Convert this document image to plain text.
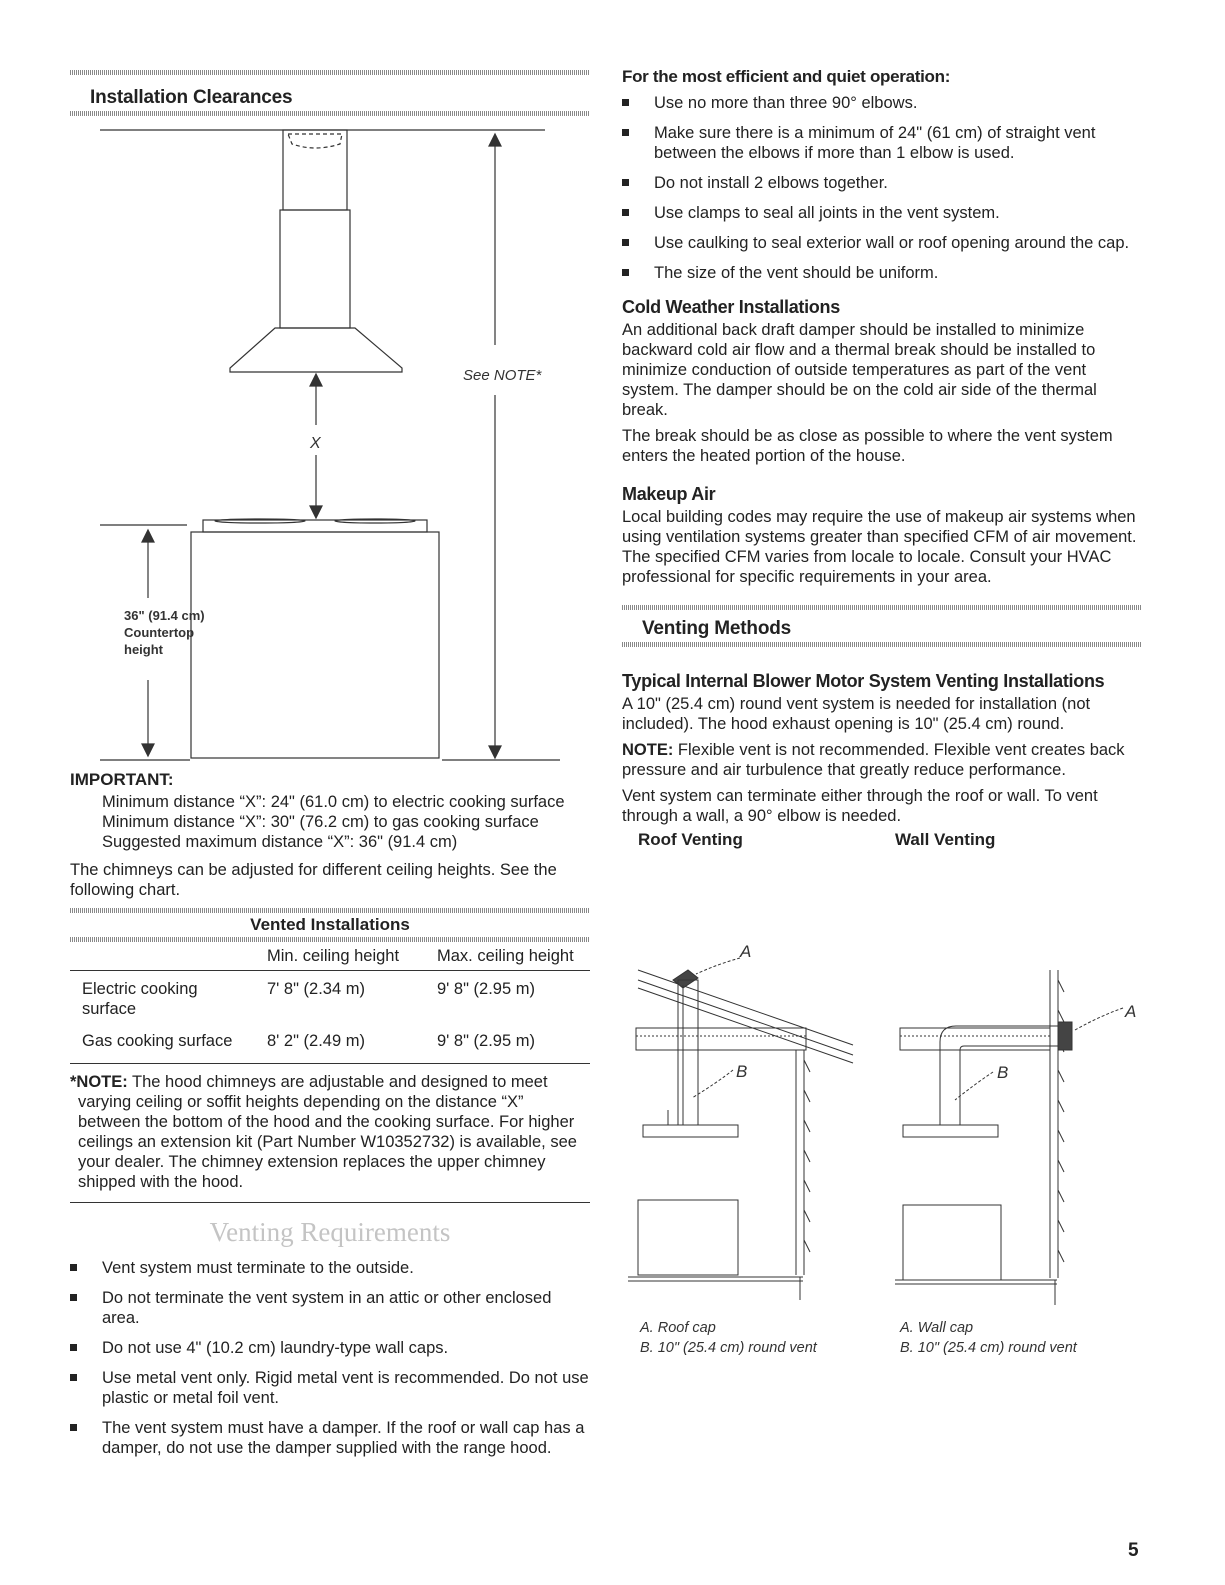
Installation Clearances
See NOTE*
X
36" (91.4 cm)
Countertop
height
IMPORTANT:

Minimum distance “X”: 24" (61.0 cm) to electric cooking surface

Minimum distance “X”: 30" (76.2 cm) to gas cooking surface

Suggested maximum distance “X”: 36" (91.4 cm)

The chimneys can be adjusted for different ceiling heights. See the following chart.

Vented Installations
	Min. ceiling height	Max. ceiling height

Electric cooking surface	7' 8" (2.34 m)	9' 8" (2.95 m)
Gas cooking surface	8' 2" (2.49 m)	9' 8" (2.95 m)

*NOTE: The hood chimneys are adjustable and designed to meet varying ceiling or soffit heights depending on the distance “X” between the bottom of the hood and the cooking surface. For higher ceilings an extension kit (Part Number W10352732) is available, see your dealer. The chimney extension replaces the upper chimney shipped with the hood.

Venting Requirements
Vent system must terminate to the outside.
Do not terminate the vent system in an attic or other enclosed area.
Do not use 4" (10.2 cm) laundry-type wall caps.
Use metal vent only. Rigid metal vent is recommended. Do not use plastic or metal foil vent.
The vent system must have a damper. If the roof or wall cap has a damper, do not use the damper supplied with the range hood.
For the most efficient and quiet operation:
Use no more than three 90° elbows.
Make sure there is a minimum of 24" (61 cm) of straight vent between the elbows if more than 1 elbow is used.
Do not install 2 elbows together.
Use clamps to seal all joints in the vent system.
Use caulking to seal exterior wall or roof opening around the cap.
The size of the vent should be uniform.
Cold Weather Installations

An additional back draft damper should be installed to minimize backward cold air flow and a thermal break should be installed to minimize conduction of outside temperatures as part of the vent system. The damper should be on the cold air side of the thermal break.

The break should be as close as possible to where the vent system enters the heated portion of the house.

Makeup Air

Local building codes may require the use of makeup air systems when using ventilation systems greater than specified CFM of air movement. The specified CFM varies from locale to locale. Consult your HVAC professional for specific requirements in your area.

Venting Methods
Typical Internal Blower Motor System Venting Installations

A 10" (25.4 cm) round vent system is needed for installation (not included). The hood exhaust opening is 10" (25.4 cm) round.

NOTE: Flexible vent is not recommended. Flexible vent creates back pressure and air turbulence that greatly reduce performance.

Vent system can terminate either through the roof or wall. To vent through a wall, a 90° elbow is needed.

Roof Venting	Wall Venting
A
B
A
B
A. Roof cap
B. 10" (25.4 cm) round vent
A. Wall cap
B. 10" (25.4 cm) round vent
5
